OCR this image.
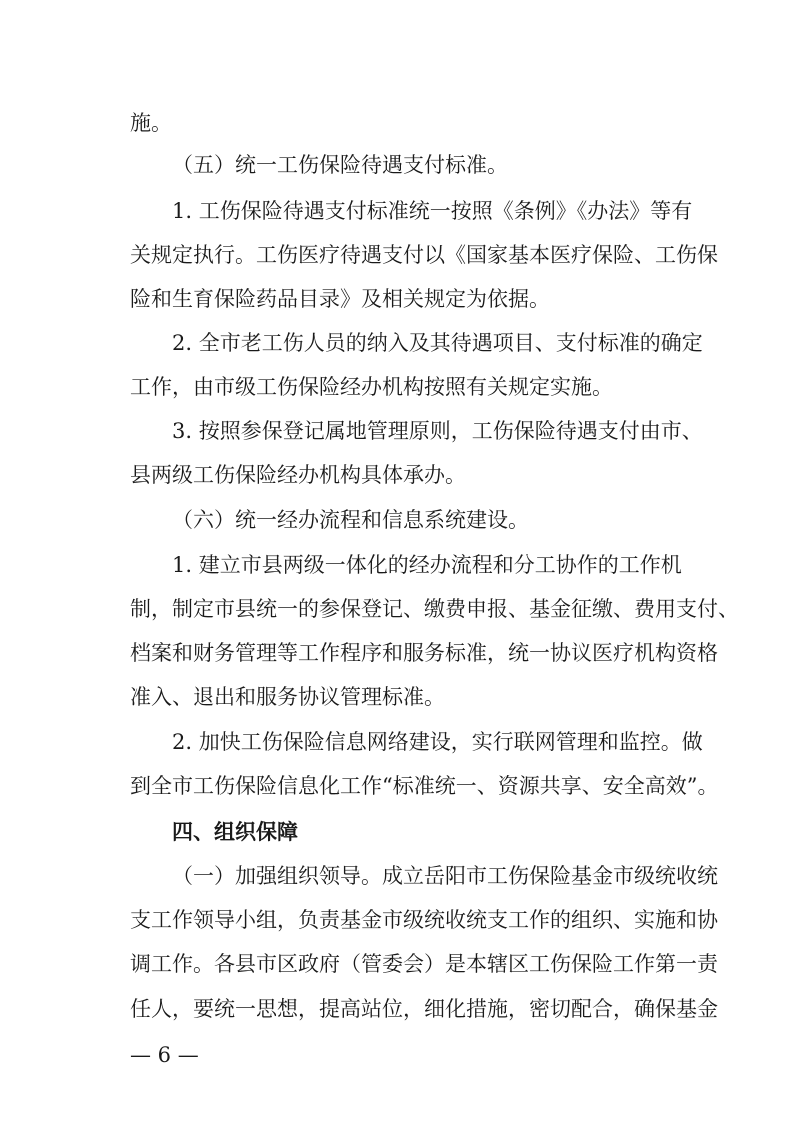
施。
（五）统一工伤保险待遇支付标准。
1. 工伤保险待遇支付标准统一按照《条例》《办法》等有
关规定执行。工伤医疗待遇支付以《国家基本医疗保险、工伤保
险和生育保险药品目录》及相关规定为依据。
2. 全市老工伤人员的纳入及其待遇项目、支付标准的确定
工作，由市级工伤保险经办机构按照有关规定实施。
3. 按照参保登记属地管理原则，工伤保险待遇支付由市、
县两级工伤保险经办机构具体承办。
（六）统一经办流程和信息系统建设。
1. 建立市县两级一体化的经办流程和分工协作的工作机
制，制定市县统一的参保登记、缴费申报、基金征缴、费用支付、
档案和财务管理等工作程序和服务标准，统一协议医疗机构资格
准入、退出和服务协议管理标准。
2. 加快工伤保险信息网络建设，实行联网管理和监控。做
到全市工伤保险信息化工作“标准统一、资源共享、安全高效”。
四、组织保障
（一）加强组织领导。成立岳阳市工伤保险基金市级统收统
支工作领导小组，负责基金市级统收统支工作的组织、实施和协
调工作。各县市区政府（管委会）是本辖区工伤保险工作第一责
任人，要统一思想，提高站位，细化措施，密切配合，确保基金
— 6 —
